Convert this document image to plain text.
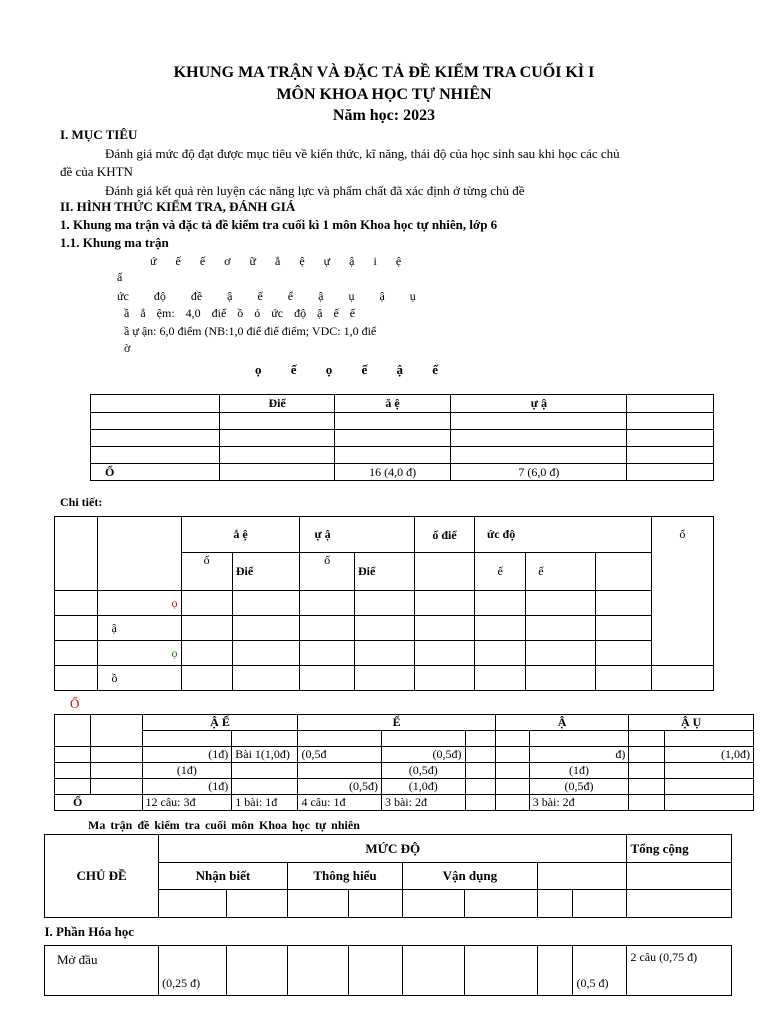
KHUNG MA TRẬN VÀ ĐẶC TẢ ĐỀ KIỂM TRA CUỐI KÌ I
MÔN KHOA HỌC TỰ NHIÊN
Năm học: 2023
I. MỤC TIÊU
Đánh giá mức độ đạt được mục tiêu về kiến thức, kĩ năng, thái độ của học sinh sau khi học các chủ
đề của KHTN
Đánh giá kết quả rèn luyện các năng lực và phẩm chất đã xác định ở từng chủ đề
II. HÌNH THỨC KIỂM TRA, ĐÁNH GIÁ
1. Khung ma trận và đặc tả đề kiểm tra cuối kì 1 môn Khoa học tự nhiên, lớp 6
1.1. Khung ma trận
ứ ế ế ơ ữ ắ ệ ự ậ i ệ
ấ
ức độ đề ậ ế ể ậ ụ ậ ụ
ầ ắ ệm: 4,0 điể ồ ỏ ức độ ậ ế ể
ầ ự ận: 6,0 điểm (NB:1,0 điể điể điểm; VDC: 1,0 điể
ờ
ọ ế ọ ế ậ ế
	Điể	ă ệ	ự ậ	

Ổ		16 (4,0 đ)	7 (6,0 đ)	
Chi tiết:
		ắ ệ		ự ậ		ố điể	ức độ			ổ
		ố	Điể	ố	Điể		ế	ể		
	ọ									
	ậ									
	ọ									
	ồ									
Ổ
		Ậ Ế		Ể			Ậ		Ậ Ụ	

		(1đ)	Bài 1(1,0đ)	(0,5đ	(0,5đ)			đ)		(1,0đ)
		(1đ)			(0,5đ)			(1đ)		
		(1đ)		(0,5đ)	(1,0đ)			(0,5đ)		
Ổ		12 câu: 3đ	1 bài: 1đ	4 câu: 1đ	3 bài: 2đ			3 bài: 2đ		
Ma trận đề kiểm tra cuối môn Khoa học tự nhiên
CHỦ ĐỀ	MỨC ĐỘ								Tổng cộng
	Nhận biết		Thông hiểu		Vận dụng				

I. Phần Hóa học									
Mở đầu	(0,25 đ)							(0,5 đ)	2 câu (0,75 đ)
